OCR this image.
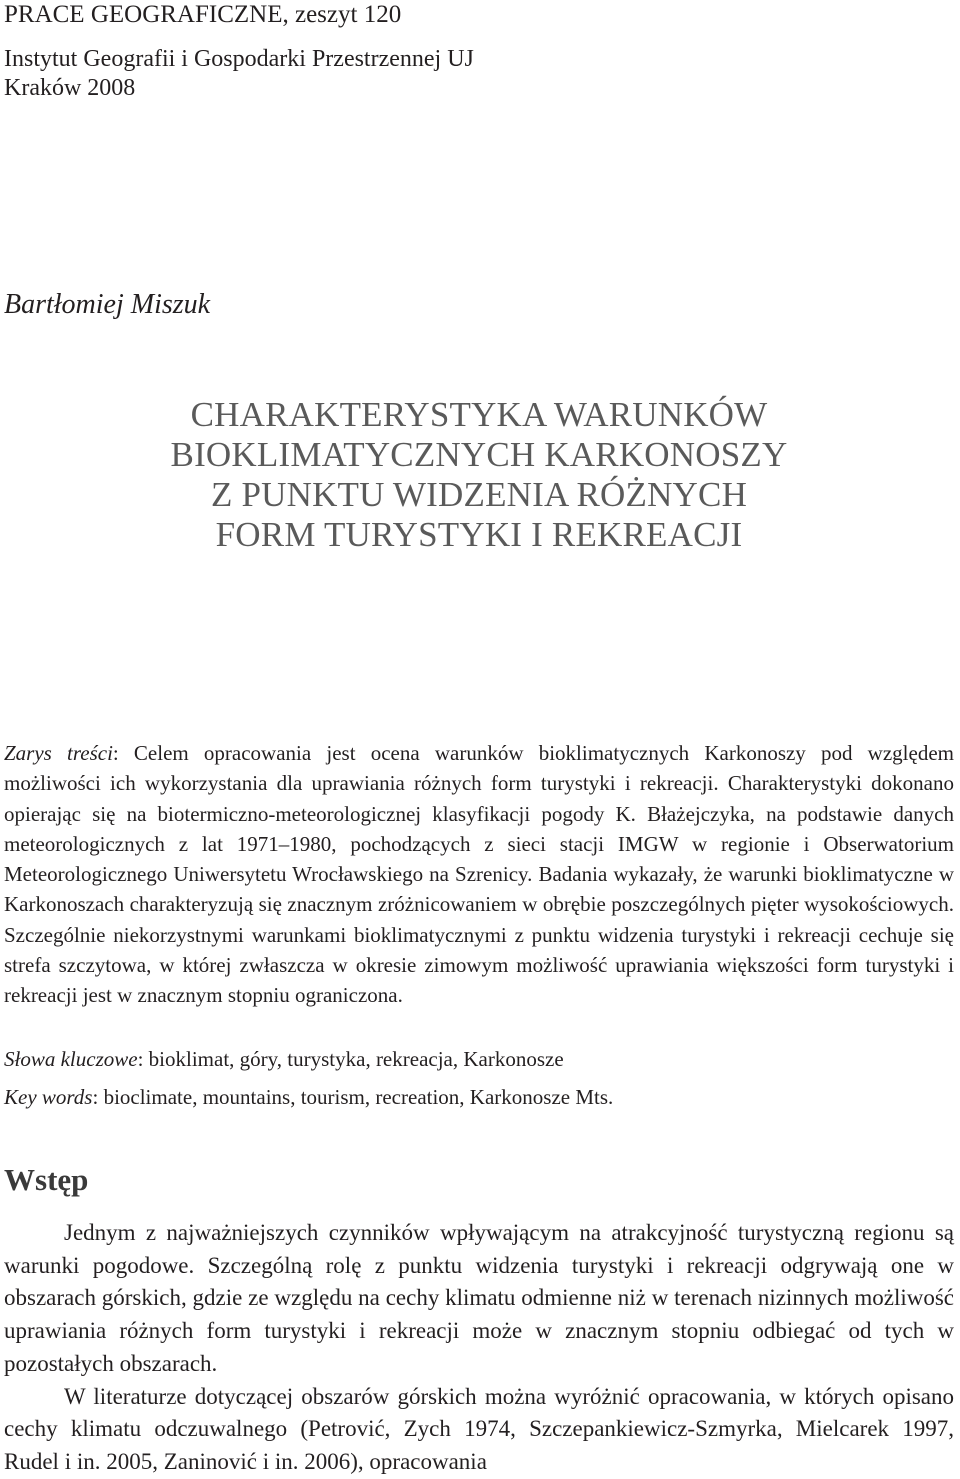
PRACE GEOGRAFICZNE, zeszyt 120
Instytut Geografii i Gospodarki Przestrzennej UJ
Kraków 2008
Bartłomiej Miszuk
CHARAKTERYSTYKA WARUNKÓW
BIOKLIMATYCZNYCH KARKONOSZY
Z PUNKTU WIDZENIA RÓŻNYCH
FORM TURYSTYKI I REKREACJI

Zarys treści: Celem opracowania jest ocena warunków bioklimatycznych Karkonoszy pod względem możliwości ich wykorzystania dla uprawiania różnych form turystyki i rekreacji. Charakterystyki dokonano opierając się na biotermiczno-meteorologicznej klasyfikacji pogody K. Błażejczyka, na podstawie danych meteorologicznych z lat 1971–1980, pochodzących z sieci stacji IMGW w regionie i Obserwatorium Meteorologicznego Uniwersytetu Wrocławskiego na Szrenicy. Badania wykazały, że warunki bioklimatyczne w Karkonoszach charakteryzują się znacznym zróżnicowaniem w obrębie poszczególnych pięter wysokościowych. Szczególnie niekorzystnymi warunkami bioklimatycznymi z punktu widzenia turystyki i rekreacji cechuje się strefa szczytowa, w której zwłaszcza w okresie zimowym możliwość uprawiania większości form turystyki i rekreacji jest w znacznym stopniu ograniczona.

Słowa kluczowe: bioklimat, góry, turystyka, rekreacja, Karkonosze

Key words: bioclimate, mountains, tourism, recreation, Karkonosze Mts.

Wstęp

Jednym z najważniejszych czynników wpływającym na atrakcyjność turystyczną regionu są warunki pogodowe. Szczególną rolę z punktu widzenia turystyki i rekreacji odgrywają one w obszarach górskich, gdzie ze względu na cechy klimatu odmienne niż w terenach nizinnych możliwość uprawiania różnych form turystyki i rekreacji może w znacznym stopniu odbiegać od tych w pozostałych obszarach.

W literaturze dotyczącej obszarów górskich można wyróżnić opracowania, w których opisano cechy klimatu odczuwalnego (Petrović, Zych 1974, Szczepankiewicz-Szmyrka, Mielcarek 1997, Rudel i in. 2005, Zaninović i in. 2006), opracowania
